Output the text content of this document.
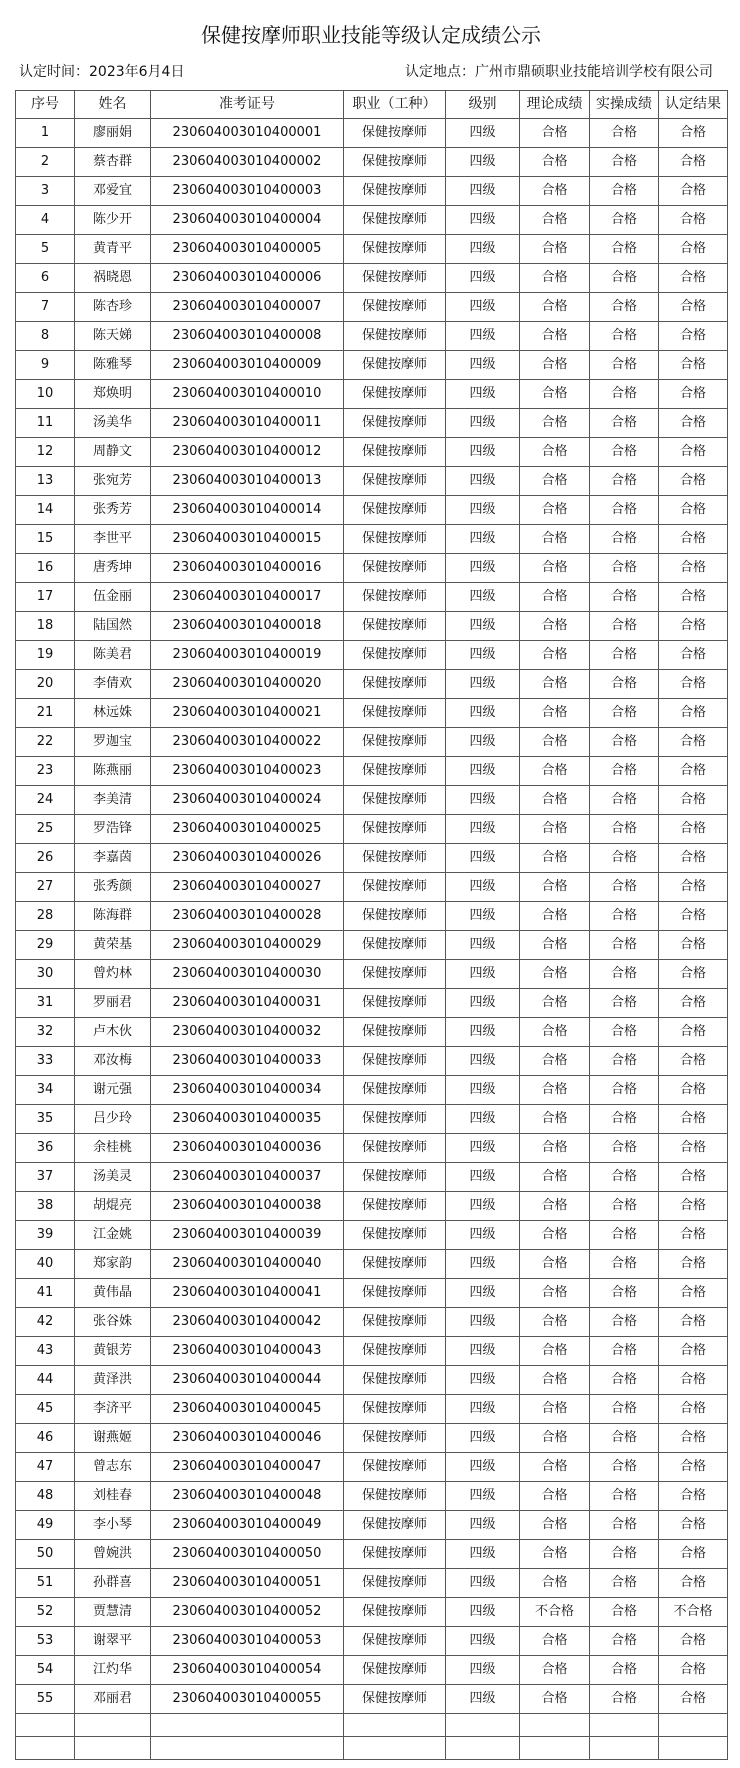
保健按摩师职业技能等级认定成绩公示
认定时间：2023年6月4日	认定地点：广州市鼎硕职业技能培训学校有限公司
序号	姓名	准考证号	职业（工种）	级别	理论成绩	实操成绩	认定结果
1	廖丽娟	230604003010400001	保健按摩师	四级	合格	合格	合格
2	蔡杏群	230604003010400002	保健按摩师	四级	合格	合格	合格
3	邓爱宜	230604003010400003	保健按摩师	四级	合格	合格	合格
4	陈少开	230604003010400004	保健按摩师	四级	合格	合格	合格
5	黄青平	230604003010400005	保健按摩师	四级	合格	合格	合格
6	祸晓恩	230604003010400006	保健按摩师	四级	合格	合格	合格
7	陈杏珍	230604003010400007	保健按摩师	四级	合格	合格	合格
8	陈天娣	230604003010400008	保健按摩师	四级	合格	合格	合格
9	陈雅琴	230604003010400009	保健按摩师	四级	合格	合格	合格
10	郑焕明	230604003010400010	保健按摩师	四级	合格	合格	合格
11	汤美华	230604003010400011	保健按摩师	四级	合格	合格	合格
12	周静文	230604003010400012	保健按摩师	四级	合格	合格	合格
13	张宛芳	230604003010400013	保健按摩师	四级	合格	合格	合格
14	张秀芳	230604003010400014	保健按摩师	四级	合格	合格	合格
15	李世平	230604003010400015	保健按摩师	四级	合格	合格	合格
16	唐秀坤	230604003010400016	保健按摩师	四级	合格	合格	合格
17	伍金丽	230604003010400017	保健按摩师	四级	合格	合格	合格
18	陆国然	230604003010400018	保健按摩师	四级	合格	合格	合格
19	陈美君	230604003010400019	保健按摩师	四级	合格	合格	合格
20	李倩欢	230604003010400020	保健按摩师	四级	合格	合格	合格
21	林远姝	230604003010400021	保健按摩师	四级	合格	合格	合格
22	罗迦宝	230604003010400022	保健按摩师	四级	合格	合格	合格
23	陈燕丽	230604003010400023	保健按摩师	四级	合格	合格	合格
24	李美清	230604003010400024	保健按摩师	四级	合格	合格	合格
25	罗浩锋	230604003010400025	保健按摩师	四级	合格	合格	合格
26	李嘉茵	230604003010400026	保健按摩师	四级	合格	合格	合格
27	张秀颜	230604003010400027	保健按摩师	四级	合格	合格	合格
28	陈海群	230604003010400028	保健按摩师	四级	合格	合格	合格
29	黄荣基	230604003010400029	保健按摩师	四级	合格	合格	合格
30	曾灼林	230604003010400030	保健按摩师	四级	合格	合格	合格
31	罗丽君	230604003010400031	保健按摩师	四级	合格	合格	合格
32	卢木伙	230604003010400032	保健按摩师	四级	合格	合格	合格
33	邓汝梅	230604003010400033	保健按摩师	四级	合格	合格	合格
34	谢元强	230604003010400034	保健按摩师	四级	合格	合格	合格
35	吕少玲	230604003010400035	保健按摩师	四级	合格	合格	合格
36	余桂桃	230604003010400036	保健按摩师	四级	合格	合格	合格
37	汤美灵	230604003010400037	保健按摩师	四级	合格	合格	合格
38	胡焜亮	230604003010400038	保健按摩师	四级	合格	合格	合格
39	江金姚	230604003010400039	保健按摩师	四级	合格	合格	合格
40	郑家韵	230604003010400040	保健按摩师	四级	合格	合格	合格
41	黄伟晶	230604003010400041	保健按摩师	四级	合格	合格	合格
42	张谷姝	230604003010400042	保健按摩师	四级	合格	合格	合格
43	黄银芳	230604003010400043	保健按摩师	四级	合格	合格	合格
44	黄泽洪	230604003010400044	保健按摩师	四级	合格	合格	合格
45	李济平	230604003010400045	保健按摩师	四级	合格	合格	合格
46	谢燕姬	230604003010400046	保健按摩师	四级	合格	合格	合格
47	曾志东	230604003010400047	保健按摩师	四级	合格	合格	合格
48	刘桂春	230604003010400048	保健按摩师	四级	合格	合格	合格
49	李小琴	230604003010400049	保健按摩师	四级	合格	合格	合格
50	曾婉洪	230604003010400050	保健按摩师	四级	合格	合格	合格
51	孙群喜	230604003010400051	保健按摩师	四级	合格	合格	合格
52	贾慧清	230604003010400052	保健按摩师	四级	不合格	合格	不合格
53	谢翠平	230604003010400053	保健按摩师	四级	合格	合格	合格
54	江灼华	230604003010400054	保健按摩师	四级	合格	合格	合格
55	邓丽君	230604003010400055	保健按摩师	四级	合格	合格	合格
